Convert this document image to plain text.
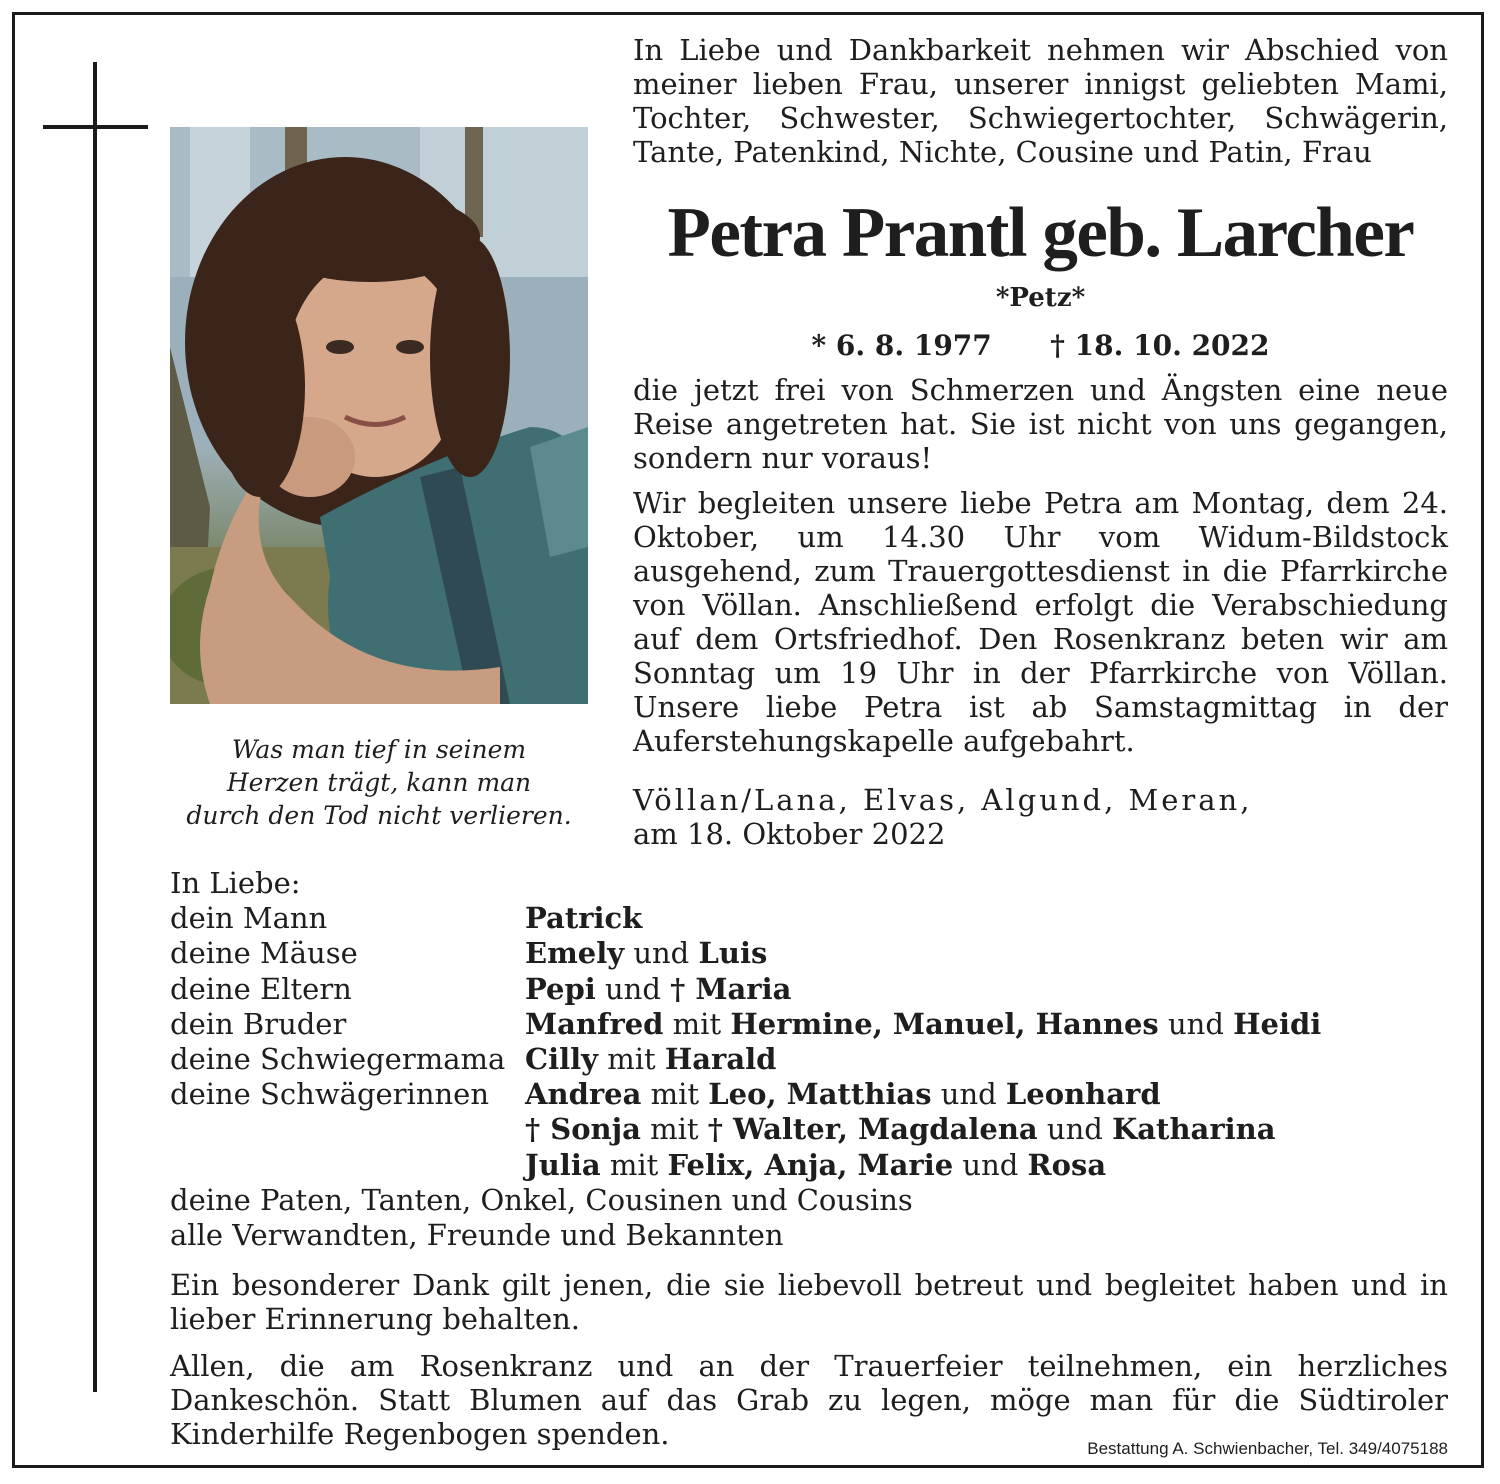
Was man tief in seinem
Herzen trägt, kann man
durch den Tod nicht verlieren.

In Liebe und Dankbarkeit nehmen wir Abschied von meiner lieben Frau, unserer innigst geliebten Mami, Tochter, Schwester, Schwiegertochter, Schwägerin, Tante, Patenkind, Nichte, Cousine und Patin, Frau

Petra Prantl geb. Larcher
*Petz*
* 6. 8. 1977 † 18. 10. 2022

die jetzt frei von Schmerzen und Ängsten eine neue Reise angetreten hat. Sie ist nicht von uns gegangen, sondern nur voraus!

Wir begleiten unsere liebe Petra am Montag, dem 24. Oktober, um 14.30 Uhr vom Widum-Bildstock ausgehend, zum Trauergottesdienst in die Pfarrkirche von Völlan. Anschließend erfolgt die Verabschiedung auf dem Ortsfriedhof. Den Rosenkranz beten wir am Sonntag um 19 Uhr in der Pfarrkirche von Völlan. Unsere liebe Petra ist ab Samstagmittag in der Auferstehungskapelle aufgebahrt.

Völlan/Lana, Elvas, Algund, Meran,
am 18. Oktober 2022
In Liebe:
dein Mann	Patrick
deine Mäuse	Emely und Luis
deine Eltern	Pepi und † Maria
dein Bruder	Manfred mit Hermine, Manuel, Hannes und Heidi
deine Schwiegermama Cilly mit Harald
deine Schwägerinnen Andrea mit Leo, Matthias und Leonhard
† Sonja mit † Walter, Magdalena und Katharina
Julia mit Felix, Anja, Marie und Rosa
deine Paten, Tanten, Onkel, Cousinen und Cousins
alle Verwandten, Freunde und Bekannten

Ein besonderer Dank gilt jenen, die sie liebevoll betreut und begleitet haben und in lieber Erinnerung behalten.

Allen, die am Rosenkranz und an der Trauerfeier teilnehmen, ein herzliches Dankeschön. Statt Blumen auf das Grab zu legen, möge man für die Südtiroler Kinderhilfe Regenbogen spenden.	Bestattung A. Schwienbacher, Tel. 349/4075188
